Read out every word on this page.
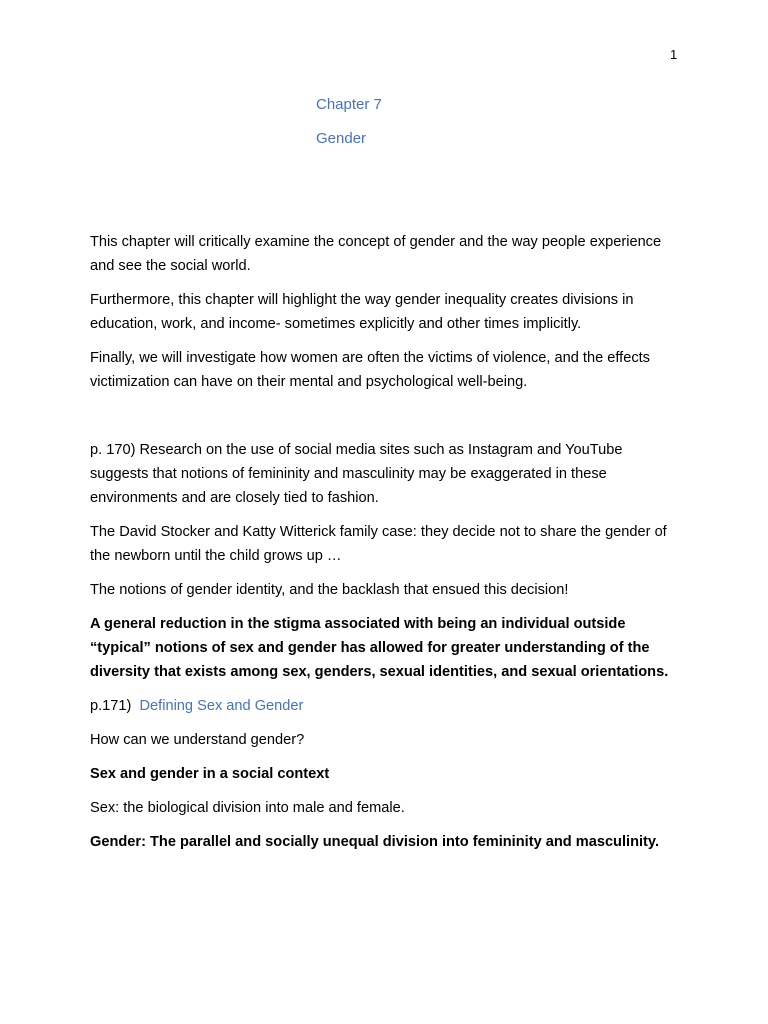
1
Chapter 7
Gender

This chapter will critically examine the concept of gender and the way people experience and see the social world.

Furthermore, this chapter will highlight the way gender inequality creates divisions in education, work, and income- sometimes explicitly and other times implicitly.

Finally, we will investigate how women are often the victims of violence, and the effects victimization can have on their mental and psychological well-being.

p. 170) Research on the use of social media sites such as Instagram and YouTube suggests that notions of femininity and masculinity may be exaggerated in these environments and are closely tied to fashion.

The David Stocker and Katty Witterick family case: they decide not to share the gender of the newborn until the child grows up …

The notions of gender identity, and the backlash that ensued this decision!

A general reduction in the stigma associated with being an individual outside “typical” notions of sex and gender has allowed for greater understanding of the diversity that exists among sex, genders, sexual identities, and sexual orientations.

p.171) Defining Sex and Gender

How can we understand gender?

Sex and gender in a social context

Sex: the biological division into male and female.

Gender: The parallel and socially unequal division into femininity and masculinity.
